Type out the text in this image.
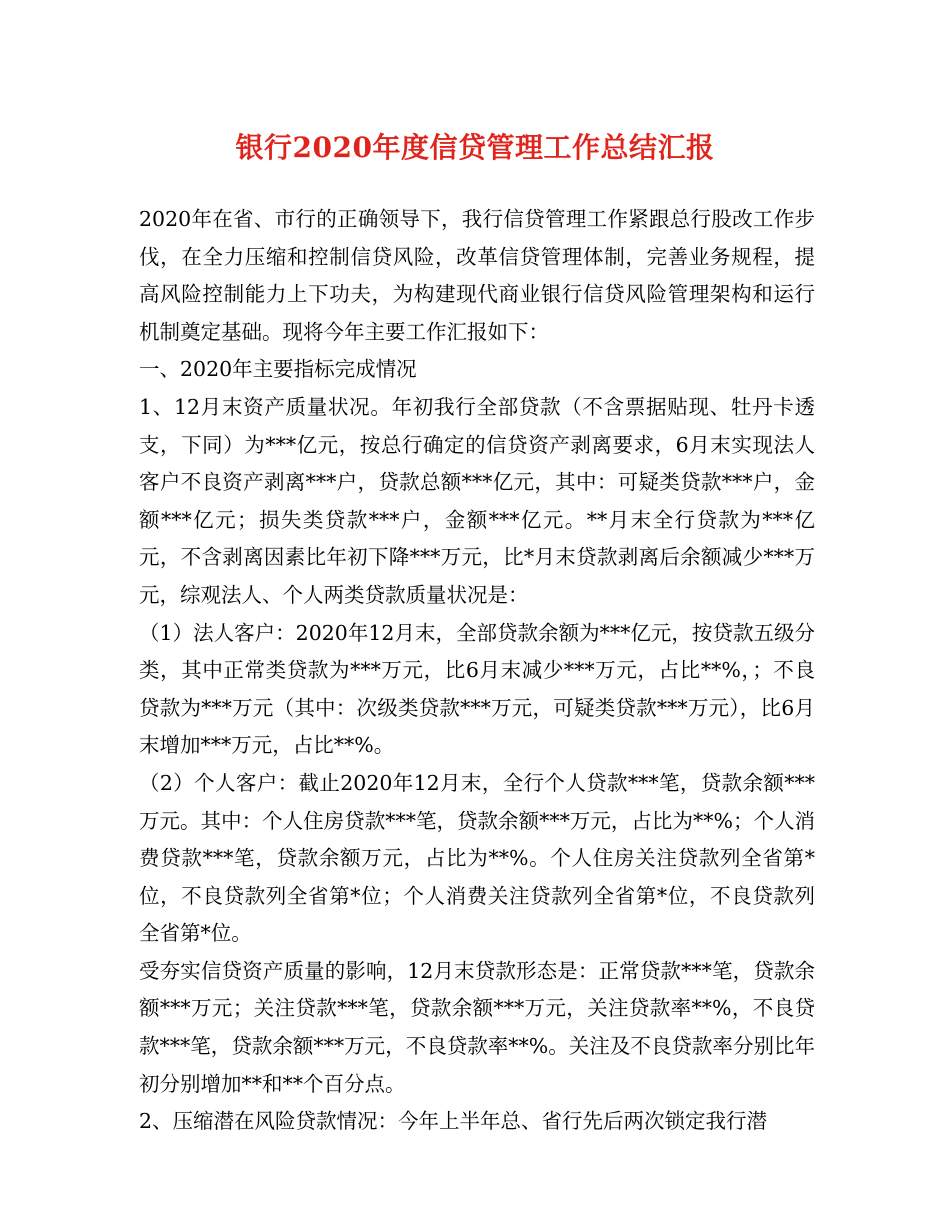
银行2020年度信贷管理工作总结汇报

2020年在省、市行的正确领导下，我行信贷管理工作紧跟总行股改工作步伐，在全力压缩和控制信贷风险，改革信贷管理体制，完善业务规程，提高风险控制能力上下功夫，为构建现代商业银行信贷风险管理架构和运行机制奠定基础。现将今年主要工作汇报如下：

一、2020年主要指标完成情况

1、12月末资产质量状况。年初我行全部贷款（不含票据贴现、牡丹卡透支，下同）为***亿元，按总行确定的信贷资产剥离要求，6月末实现法人客户不良资产剥离***户，贷款总额***亿元，其中：可疑类贷款***户，金额***亿元；损失类贷款***户，金额***亿元。**月末全行贷款为***亿元，不含剥离因素比年初下降***万元，比*月末贷款剥离后余额减少***万元，综观法人、个人两类贷款质量状况是：

（1）法人客户：2020年12月末，全部贷款余额为***亿元，按贷款五级分类，其中正常类贷款为***万元，比6月末减少***万元，占比**%，；不良贷款为***万元（其中：次级类贷款***万元，可疑类贷款***万元），比6月末增加***万元，占比**%。

（2）个人客户：截止2020年12月末，全行个人贷款***笔，贷款余额***万元。其中：个人住房贷款***笔，贷款余额***万元，占比为**%；个人消费贷款***笔，贷款余额万元，占比为**%。个人住房关注贷款列全省第*位，不良贷款列全省第*位；个人消费关注贷款列全省第*位，不良贷款列全省第*位。

受夯实信贷资产质量的影响，12月末贷款形态是：正常贷款***笔，贷款余额***万元；关注贷款***笔，贷款余额***万元，关注贷款率**%，不良贷款***笔，贷款余额***万元，不良贷款率**%。关注及不良贷款率分别比年初分别增加**和**个百分点。

2、压缩潜在风险贷款情况：今年上半年总、省行先后两次锁定我行潜
